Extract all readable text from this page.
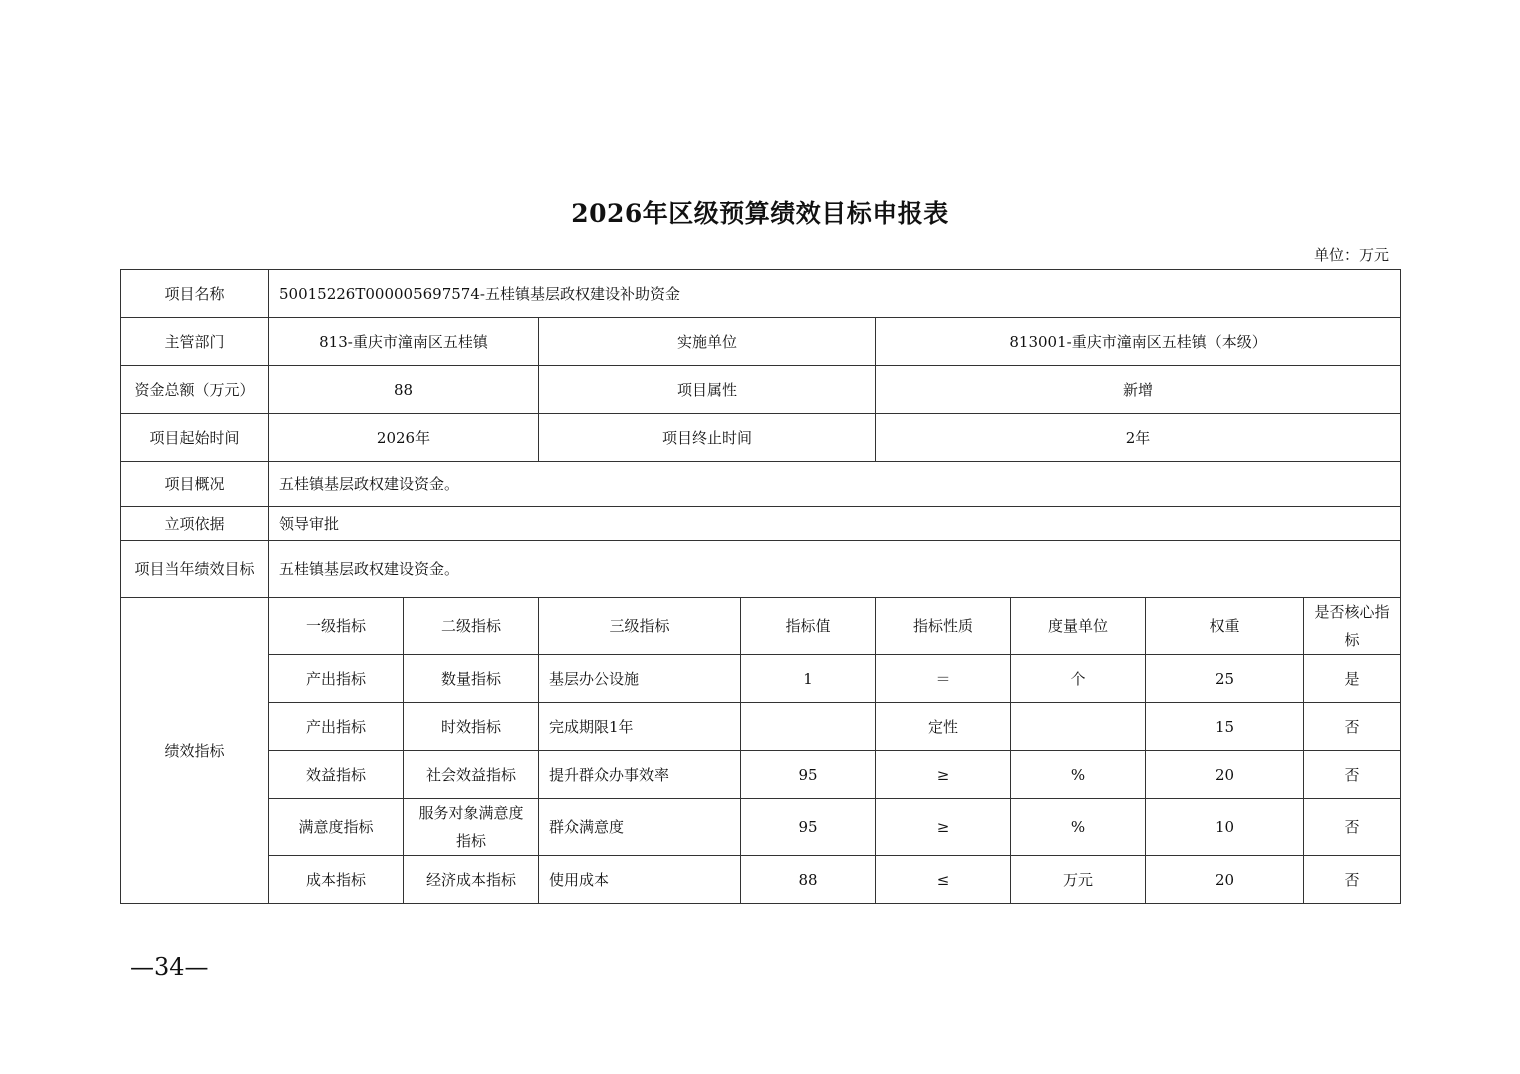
2026年区级预算绩效目标申报表
单位：万元
项目名称	50015226T000005697574-五桂镇基层政权建设补助资金							
主管部门	813-重庆市潼南区五桂镇		实施单位		813001-重庆市潼南区五桂镇（本级）			
资金总额（万元）	88		项目属性		新增			
项目起始时间	2026年		项目终止时间		2年			
项目概况	五桂镇基层政权建设资金。							
立项依据	领导审批							
项目当年绩效目标	五桂镇基层政权建设资金。							
绩效指标	一级指标	二级指标	三级指标	指标值	指标性质	度量单位	权重	是否核心指标
	产出指标	数量指标	基层办公设施	1	＝	个	25	是
	产出指标	时效指标	完成期限1年		定性		15	否
	效益指标	社会效益指标	提升群众办事效率	95	≥	%	20	否
	满意度指标	服务对象满意度指标	群众满意度	95	≥	%	10	否
	成本指标	经济成本指标	使用成本	88	≤	万元	20	否
—34—
